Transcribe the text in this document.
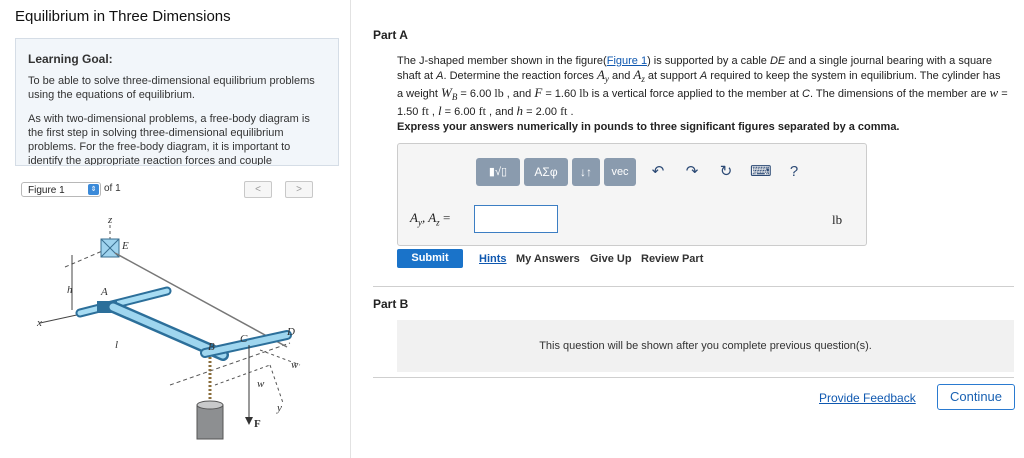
Equilibrium in Three Dimensions
Learning Goal:
To be able to solve three-dimensional equilibrium problems using the equations of equilibrium.
As with two-dimensional problems, a free-body diagram is the first step in solving three-dimensional equilibrium problems. For the free-body diagram, it is important to identify the appropriate reaction forces and couple
Figure 1	⇕ of 1	<	>
z
E
h	A
x
l	B
C
D
w
w
y
F
Part A
The J-shaped member shown in the figure(Figure 1) is supported by a cable DE and a single journal bearing with a square shaft at A. Determine the reaction forces $A_y$ and $A_z$ at support A required to keep the system in equilibrium. The cylinder has a weight $W_B = 6.00$ lb , and F = 1.60 lb is a vertical force applied to the member at C. The dimensions of the member are w = 1.50 ft , l = 6.00 ft , and h = 2.00 ft .
Express your answers numerically in pounds to three significant figures separated by a comma.
▮√▯	ΑΣφ	↓↑	vec	↶ ↷ ↻ ⌨	?
$A_y$, $A_z$ =	lb
Submit	Hints My Answers Give Up Review Part
Part B
This question will be shown after you complete previous question(s).
Provide Feedback	Continue
